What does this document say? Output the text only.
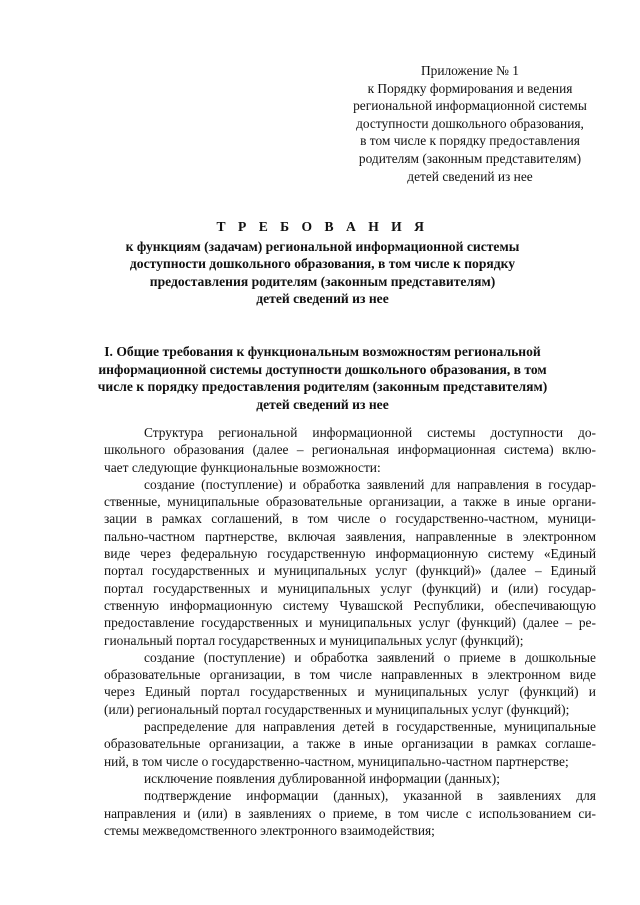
Приложение № 1
к Порядку формирования и ведения
региональной информационной системы
доступности дошкольного образования,
в том числе к порядку предоставления
родителям (законным представителям)
детей сведений из нее
Т Р Е Б О В А Н И Я
к функциям (задачам) региональной информационной системы
доступности дошкольного образования, в том числе к порядку
предоставления родителям (законным представителям)
детей сведений из нее
I. Общие требования к функциональным возможностям региональной
информационной системы доступности дошкольного образования, в том
числе к порядку предоставления родителям (законным представителям)
детей сведений из нее
Структура региональной информационной системы доступности до-
школьного образования (далее – региональная информационная система) вклю-
чает следующие функциональные возможности:
создание (поступление) и обработка заявлений для направления в государ-
ственные, муниципальные образовательные организации, а также в иные органи-
зации в рамках соглашений, в том числе о государственно-частном, муници-
пально-частном партнерстве, включая заявления, направленные в электронном
виде через федеральную государственную информационную систему «Единый
портал государственных и муниципальных услуг (функций)» (далее – Единый
портал государственных и муниципальных услуг (функций) и (или) государ-
ственную информационную систему Чувашской Республики, обеспечивающую
предоставление государственных и муниципальных услуг (функций) (далее – ре-
гиональный портал государственных и муниципальных услуг (функций);
создание (поступление) и обработка заявлений о приеме в дошкольные
образовательные организации, в том числе направленных в электронном виде
через Единый портал государственных и муниципальных услуг (функций) и
(или) региональный портал государственных и муниципальных услуг (функций);
распределение для направления детей в государственные, муниципальные
образовательные организации, а также в иные организации в рамках соглаше-
ний, в том числе о государственно-частном, муниципально-частном партнерстве;
исключение появления дублированной информации (данных);
подтверждение информации (данных), указанной в заявлениях для
направления и (или) в заявлениях о приеме, в том числе с использованием си-
стемы межведомственного электронного взаимодействия;
